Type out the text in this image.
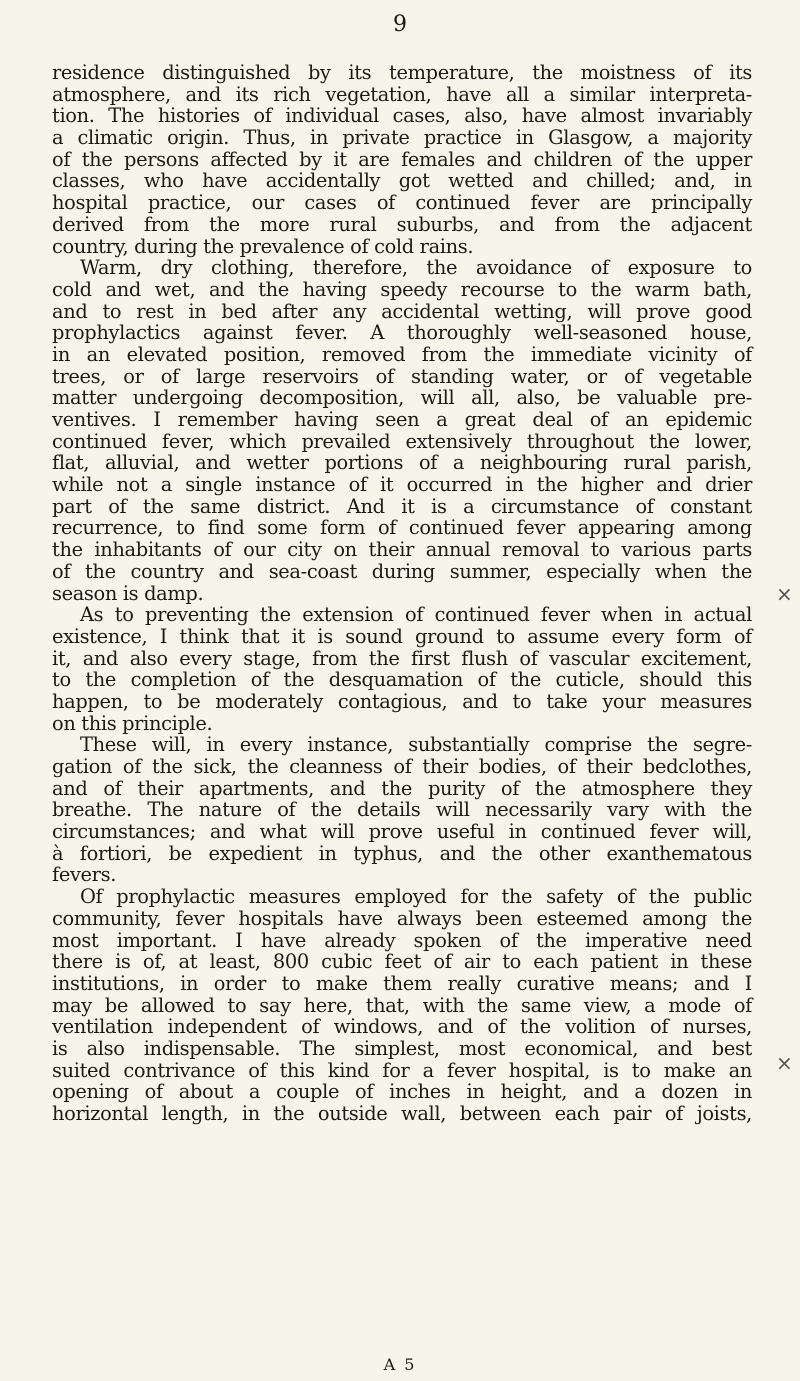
9
residence distinguished by its temperature, the moistness of its
atmosphere, and its rich vegetation, have all a similar interpreta-
tion. The histories of individual cases, also, have almost invariably
a climatic origin. Thus, in private practice in Glasgow, a majority
of the persons affected by it are females and children of the upper
classes, who have accidentally got wetted and chilled; and, in
hospital practice, our cases of continued fever are principally
derived from the more rural suburbs, and from the adjacent
country, during the prevalence of cold rains.
Warm, dry clothing, therefore, the avoidance of exposure to
cold and wet, and the having speedy recourse to the warm bath,
and to rest in bed after any accidental wetting, will prove good
prophylactics against fever. A thoroughly well-seasoned house,
in an elevated position, removed from the immediate vicinity of
trees, or of large reservoirs of standing water, or of vegetable
matter undergoing decomposition, will all, also, be valuable pre-
ventives. I remember having seen a great deal of an epidemic
continued fever, which prevailed extensively throughout the lower,
flat, alluvial, and wetter portions of a neighbouring rural parish,
while not a single instance of it occurred in the higher and drier
part of the same district. And it is a circumstance of constant
recurrence, to find some form of continued fever appearing among
the inhabitants of our city on their annual removal to various parts
of the country and sea-coast during summer, especially when the
season is damp.
As to preventing the extension of continued fever when in actual
existence, I think that it is sound ground to assume every form of
it, and also every stage, from the first flush of vascular excitement,
to the completion of the desquamation of the cuticle, should this
happen, to be moderately contagious, and to take your measures
on this principle.
These will, in every instance, substantially comprise the segre-
gation of the sick, the cleanness of their bodies, of their bedclothes,
and of their apartments, and the purity of the atmosphere they
breathe. The nature of the details will necessarily vary with the
circumstances; and what will prove useful in continued fever will,
à fortiori, be expedient in typhus, and the other exanthematous
fevers.
Of prophylactic measures employed for the safety of the public
community, fever hospitals have always been esteemed among the
most important. I have already spoken of the imperative need
there is of, at least, 800 cubic feet of air to each patient in these
institutions, in order to make them really curative means; and I
may be allowed to say here, that, with the same view, a mode of
ventilation independent of windows, and of the volition of nurses,
is also indispensable. The simplest, most economical, and best
suited contrivance of this kind for a fever hospital, is to make an
opening of about a couple of inches in height, and a dozen in
horizontal length, in the outside wall, between each pair of joists,
×
×
A 5
